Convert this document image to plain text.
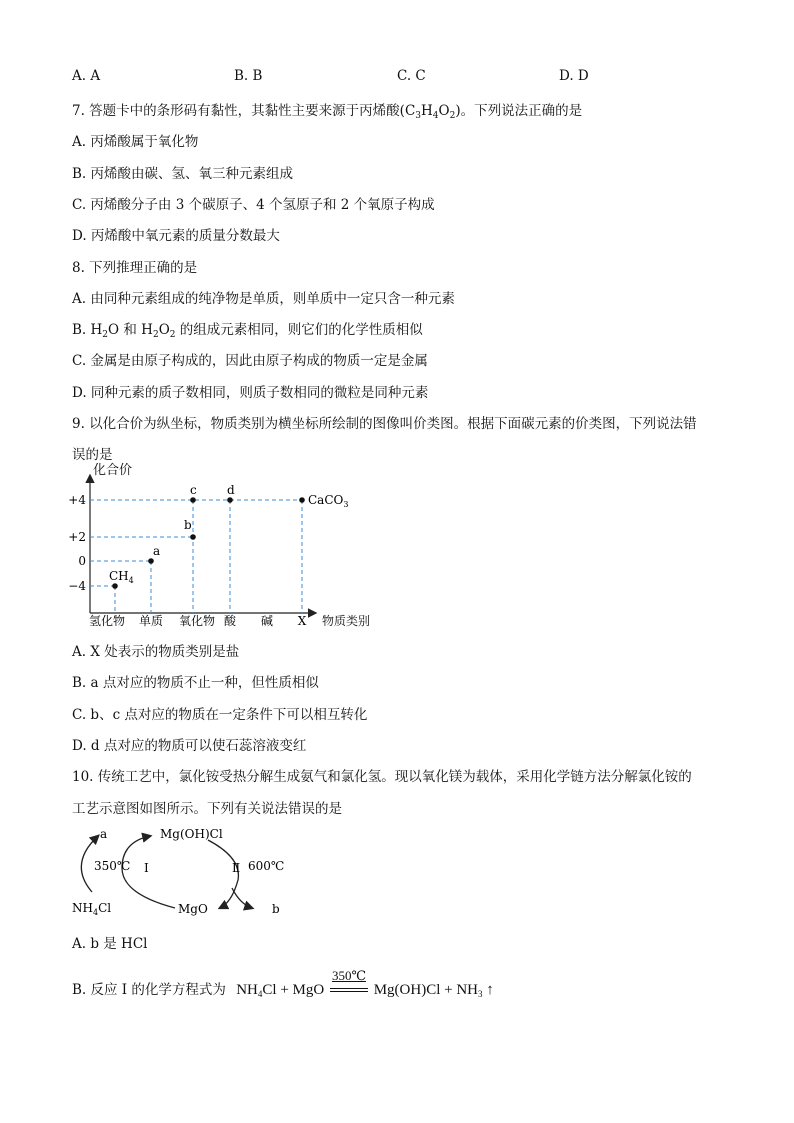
A. A	B. B	C. C	D. D
7. 答题卡中的条形码有黏性，其黏性主要来源于丙烯酸$(C_3H_4O_2)$。下列说法正确的是
A. 丙烯酸属于氧化物
B. 丙烯酸由碳、氢、氧三种元素组成
C. 丙烯酸分子由 3 个碳原子、4 个氢原子和 2 个氧原子构成
D. 丙烯酸中氧元素的质量分数最大
8. 下列推理正确的是
A. 由同种元素组成的纯净物是单质，则单质中一定只含一种元素
B. $H_2O$ 和 $H_2O_2$ 的组成元素相同，则它们的化学性质相似
C. 金属是由原子构成的，因此由原子构成的物质一定是金属
D. 同种元素的质子数相同，则质子数相同的微粒是同种元素
9. 以化合价为纵坐标，物质类别为横坐标所绘制的图像叫价类图。根据下面碳元素的价类图，下列说法错
误的是
化合价
物质类别
+4
+2
0
−4
氢化物 单质 氧化物 酸 碱 X
$CH_4$
a
b
c	d
CaCO$_3$
A. X 处表示的物质类别是盐
B. a 点对应的物质不止一种，但性质相似
C. b、c 点对应的物质在一定条件下可以相互转化
D. d 点对应的物质可以使石蕊溶液变红
10. 传统工艺中，氯化铵受热分解生成氨气和氯化氢。现以氧化镁为载体，采用化学链方法分解氯化铵的
工艺示意图如图所示。下列有关说法错误的是
a	Mg(OH)Cl
350℃ I	Ⅱ 600℃
$NH_4Cl$	MgO	b
A. b 是 HCl
B. 反应 I 的化学方程式为 $NH_4Cl$ + MgO
350℃
$Mg(OH)Cl + NH_3$ ↑
